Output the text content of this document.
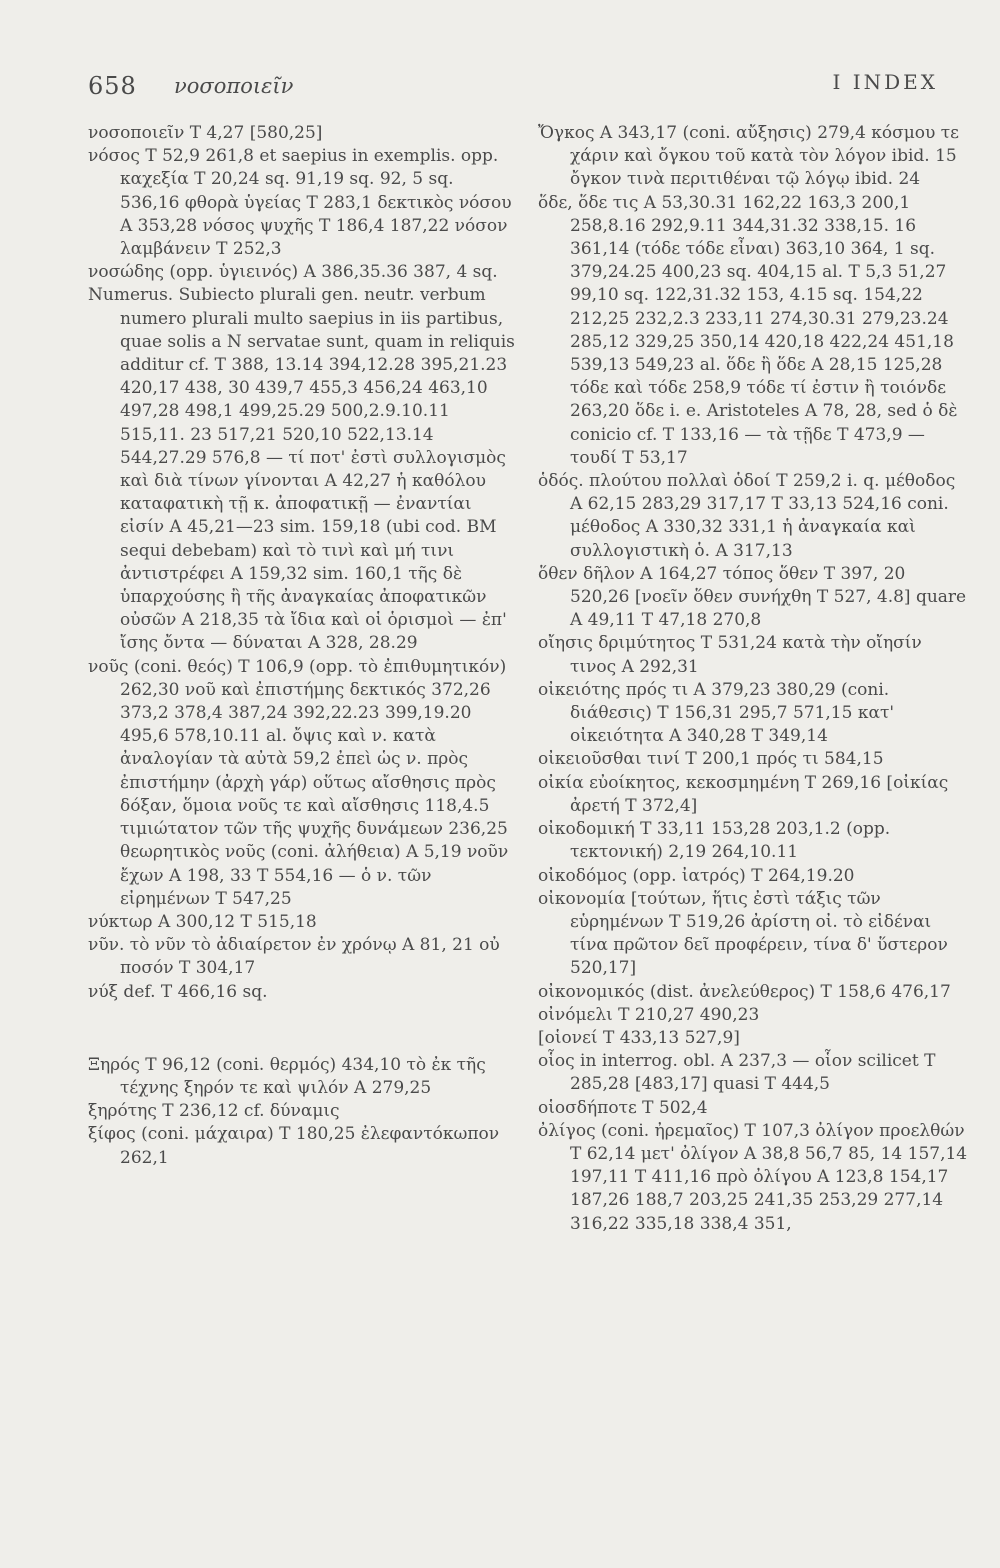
658 νοσοποιεῖν	I INDEX

νοσοποιεῖν T 4,27 [580,25]

νόσος T 52,9 261,8 et saepius in exemplis. opp. καχεξία T 20,24 sq. 91,19 sq. 92, 5 sq. 536,16 φθορὰ ὑγείας T 283,1 δεκτικὸς νόσου A 353,28 νόσος ψυχῆς T 186,4 187,22 νόσον λαμβάνειν T 252,3

νοσώδης (opp. ὑγιεινός) A 386,35.36 387, 4 sq.

Numerus. Subiecto plurali gen. neutr. verbum numero plurali multo saepius in iis partibus, quae solis a N servatae sunt, quam in reliquis additur cf. T 388, 13.14 394,12.28 395,21.23 420,17 438, 30 439,7 455,3 456,24 463,10 497,28 498,1 499,25.29 500,2.9.10.11 515,11. 23 517,21 520,10 522,13.14 544,27.29 576,8 — τί ποτ' ἐστὶ συλλογισμὸς καὶ διὰ τίνων γίνονται A 42,27 ἡ καθόλου καταφατικὴ τῇ κ. ἀποφατικῇ — ἐναντίαι εἰσίν A 45,21—23 sim. 159,18 (ubi cod. BM sequi debebam) καὶ τὸ τινὶ καὶ μή τινι ἀντιστρέφει A 159,32 sim. 160,1 τῆς δὲ ὑπαρχούσης ἢ τῆς ἀναγκαίας ἀποφατικῶν οὐσῶν A 218,35 τὰ ἴδια καὶ οἱ ὁρισμοὶ — ἐπ' ἴσης ὄντα — δύναται A 328, 28.29

νοῦς (coni. θεός) T 106,9 (opp. τὸ ἐπιθυμητικόν) 262,30 νοῦ καὶ ἐπιστήμης δεκτικός 372,26 373,2 378,4 387,24 392,22.23 399,19.20 495,6 578,10.11 al. ὄψις καὶ ν. κατὰ ἀναλογίαν τὰ αὐτὰ 59,2 ἐπεὶ ὡς ν. πρὸς ἐπιστήμην (ἀρχὴ γάρ) οὕτως αἴσθησις πρὸς δόξαν, ὅμοια νοῦς τε καὶ αἴσθησις 118,4.5 τιμιώτατον τῶν τῆς ψυχῆς δυνάμεων 236,25 θεωρητικὸς νοῦς (coni. ἀλήθεια) A 5,19 νοῦν ἔχων A 198, 33 T 554,16 — ὁ ν. τῶν εἰρημένων T 547,25

νύκτωρ A 300,12 T 515,18

νῦν. τὸ νῦν τὸ ἀδιαίρετον ἐν χρόνῳ A 81, 21 οὐ ποσόν T 304,17

νύξ def. T 466,16 sq.

Ξηρός T 96,12 (coni. θερμός) 434,10 τὸ ἐκ τῆς τέχνης ξηρόν τε καὶ ψιλόν A 279,25

ξηρότης T 236,12 cf. δύναμις

ξίφος (coni. μάχαιρα) T 180,25 ἐλεφαντόκωπον 262,1

Ὄγκος A 343,17 (coni. αὔξησις) 279,4 κόσμου τε χάριν καὶ ὄγκου τοῦ κατὰ τὸν λόγον ibid. 15 ὄγκον τινὰ περιτιθέναι τῷ λόγῳ ibid. 24

ὅδε, ὅδε τις A 53,30.31 162,22 163,3 200,1 258,8.16 292,9.11 344,31.32 338,15. 16 361,14 (τόδε τόδε εἶναι) 363,10 364, 1 sq. 379,24.25 400,23 sq. 404,15 al. T 5,3 51,27 99,10 sq. 122,31.32 153, 4.15 sq. 154,22 212,25 232,2.3 233,11 274,30.31 279,23.24 285,12 329,25 350,14 420,18 422,24 451,18 539,13 549,23 al. ὅδε ἢ ὅδε A 28,15 125,28 τόδε καὶ τόδε 258,9 τόδε τί ἐστιν ἢ τοιόνδε 263,20 ὅδε i. e. Aristoteles A 78, 28, sed ὁ δὲ conicio cf. T 133,16 — τὰ τῇδε T 473,9 — τουδί T 53,17

ὁδός. πλούτου πολλαὶ ὁδοί T 259,2 i. q. μέθοδος A 62,15 283,29 317,17 T 33,13 524,16 coni. μέθοδος A 330,32 331,1 ἡ ἀναγκαία καὶ συλλογιστικὴ ὁ. A 317,13

ὅθεν δῆλον A 164,27 τόπος ὅθεν T 397, 20 520,26 [νοεῖν ὅθεν συνήχθη T 527, 4.8] quare A 49,11 T 47,18 270,8

οἴησις δριμύτητος T 531,24 κατὰ τὴν οἴησίν τινος A 292,31

οἰκειότης πρός τι A 379,23 380,29 (coni. διάθεσις) T 156,31 295,7 571,15 κατ' οἰκειότητα A 340,28 T 349,14

οἰκειοῦσθαι τινί T 200,1 πρός τι 584,15

οἰκία εὐοίκητος, κεκοσμημένη T 269,16 [οἰκίας ἀρετή T 372,4]

οἰκοδομική T 33,11 153,28 203,1.2 (opp. τεκτονική) 2,19 264,10.11

οἰκοδόμος (opp. ἰατρός) T 264,19.20

οἰκονομία [τούτων, ἥτις ἐστὶ τάξις τῶν εὑρημένων T 519,26 ἀρίστη οἰ. τὸ εἰδέναι τίνα πρῶτον δεῖ προφέρειν, τίνα δ' ὕστερον 520,17]

οἰκονομικός (dist. ἀνελεύθερος) T 158,6 476,17

οἰνόμελι T 210,27 490,23

[οἱονεί T 433,13 527,9]

οἷος in interrog. obl. A 237,3 — οἷον scilicet T 285,28 [483,17] quasi T 444,5

οἱοσδήποτε T 502,4

ὀλίγος (coni. ἠρεμαῖος) T 107,3 ὀλίγον προελθών T 62,14 μετ' ὀλίγον A 38,8 56,7 85, 14 157,14 197,11 T 411,16 πρὸ ὀλίγου A 123,8 154,17 187,26 188,7 203,25 241,35 253,29 277,14 316,22 335,18 338,4 351,
